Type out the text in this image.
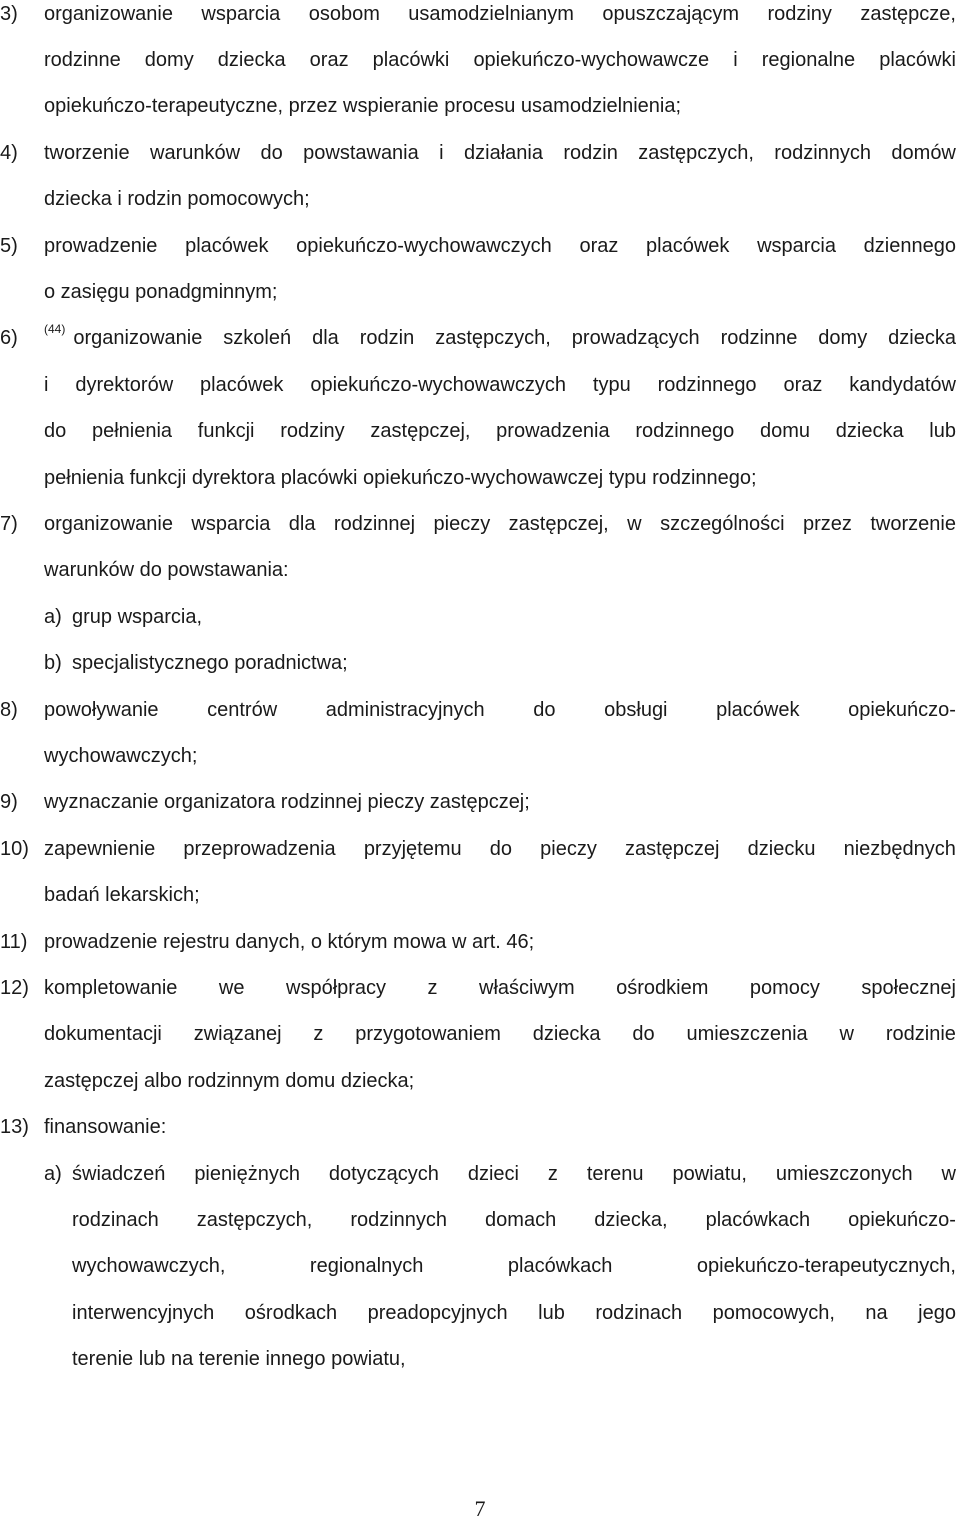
3) organizowanie wsparcia osobom usamodzielnianym opuszczającym rodziny zastępcze,
rodzinne domy dziecka oraz placówki opiekuńczo-wychowawcze i regionalne placówki
opiekuńczo-terapeutyczne, przez wspieranie procesu usamodzielnienia;
4) tworzenie warunków do powstawania i działania rodzin zastępczych, rodzinnych domów
dziecka i rodzin pomocowych;
5) prowadzenie placówek opiekuńczo-wychowawczych oraz placówek wsparcia dziennego
o zasięgu ponadgminnym;
6) (44) organizowanie szkoleń dla rodzin zastępczych, prowadzących rodzinne domy dziecka
i dyrektorów placówek opiekuńczo-wychowawczych typu rodzinnego oraz kandydatów
do pełnienia funkcji rodziny zastępczej, prowadzenia rodzinnego domu dziecka lub
pełnienia funkcji dyrektora placówki opiekuńczo-wychowawczej typu rodzinnego;
7) organizowanie wsparcia dla rodzinnej pieczy zastępczej, w szczególności przez tworzenie
warunków do powstawania:
a) grup wsparcia,
b) specjalistycznego poradnictwa;
8) powoływanie centrów administracyjnych do obsługi placówek opiekuńczo-
wychowawczych;
9) wyznaczanie organizatora rodzinnej pieczy zastępczej;
10) zapewnienie przeprowadzenia przyjętemu do pieczy zastępczej dziecku niezbędnych
badań lekarskich;
11) prowadzenie rejestru danych, o którym mowa w art. 46;
12) kompletowanie we współpracy z właściwym ośrodkiem pomocy społecznej
dokumentacji związanej z przygotowaniem dziecka do umieszczenia w rodzinie
zastępczej albo rodzinnym domu dziecka;
13) finansowanie:
a) świadczeń pieniężnych dotyczących dzieci z terenu powiatu, umieszczonych w
rodzinach zastępczych, rodzinnych domach dziecka, placówkach opiekuńczo-
wychowawczych,	regionalnych	placówkach	opiekuńczo-terapeutycznych,
interwencyjnych ośrodkach preadopcyjnych lub rodzinach pomocowych, na jego
terenie lub na terenie innego powiatu,
7
